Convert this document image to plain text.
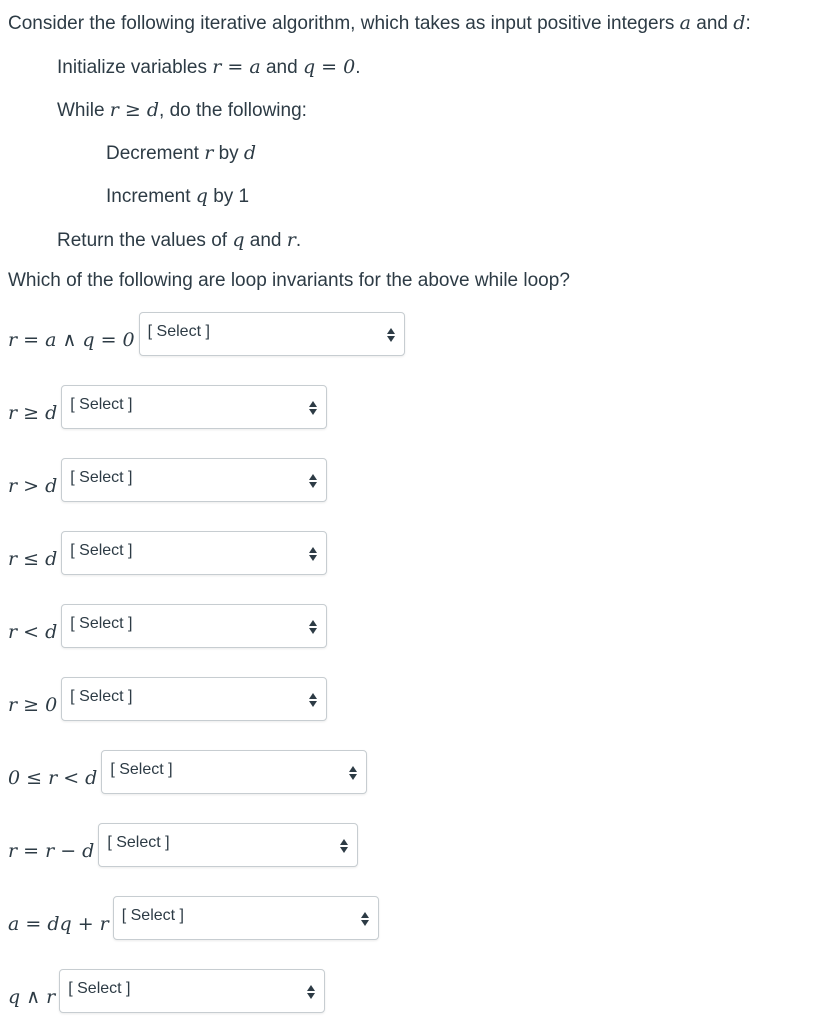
Consider the following iterative algorithm, which takes as input positive integers a and d:
Initialize variables r = a and q = 0.
While r ≥ d, do the following:
Decrement r by d
Increment q by 1
Return the values of q and r.
Which of the following are loop invariants for the above while loop?
r = a ∧ q = 0 [ Select ]
r ≥ d [ Select ]
r > d [ Select ]
r ≤ d [ Select ]
r < d [ Select ]
r ≥ 0 [ Select ]
0 ≤ r < d [ Select ]
r = r − d [ Select ]
a = dq + r [ Select ]
q ∧ r [ Select ]
